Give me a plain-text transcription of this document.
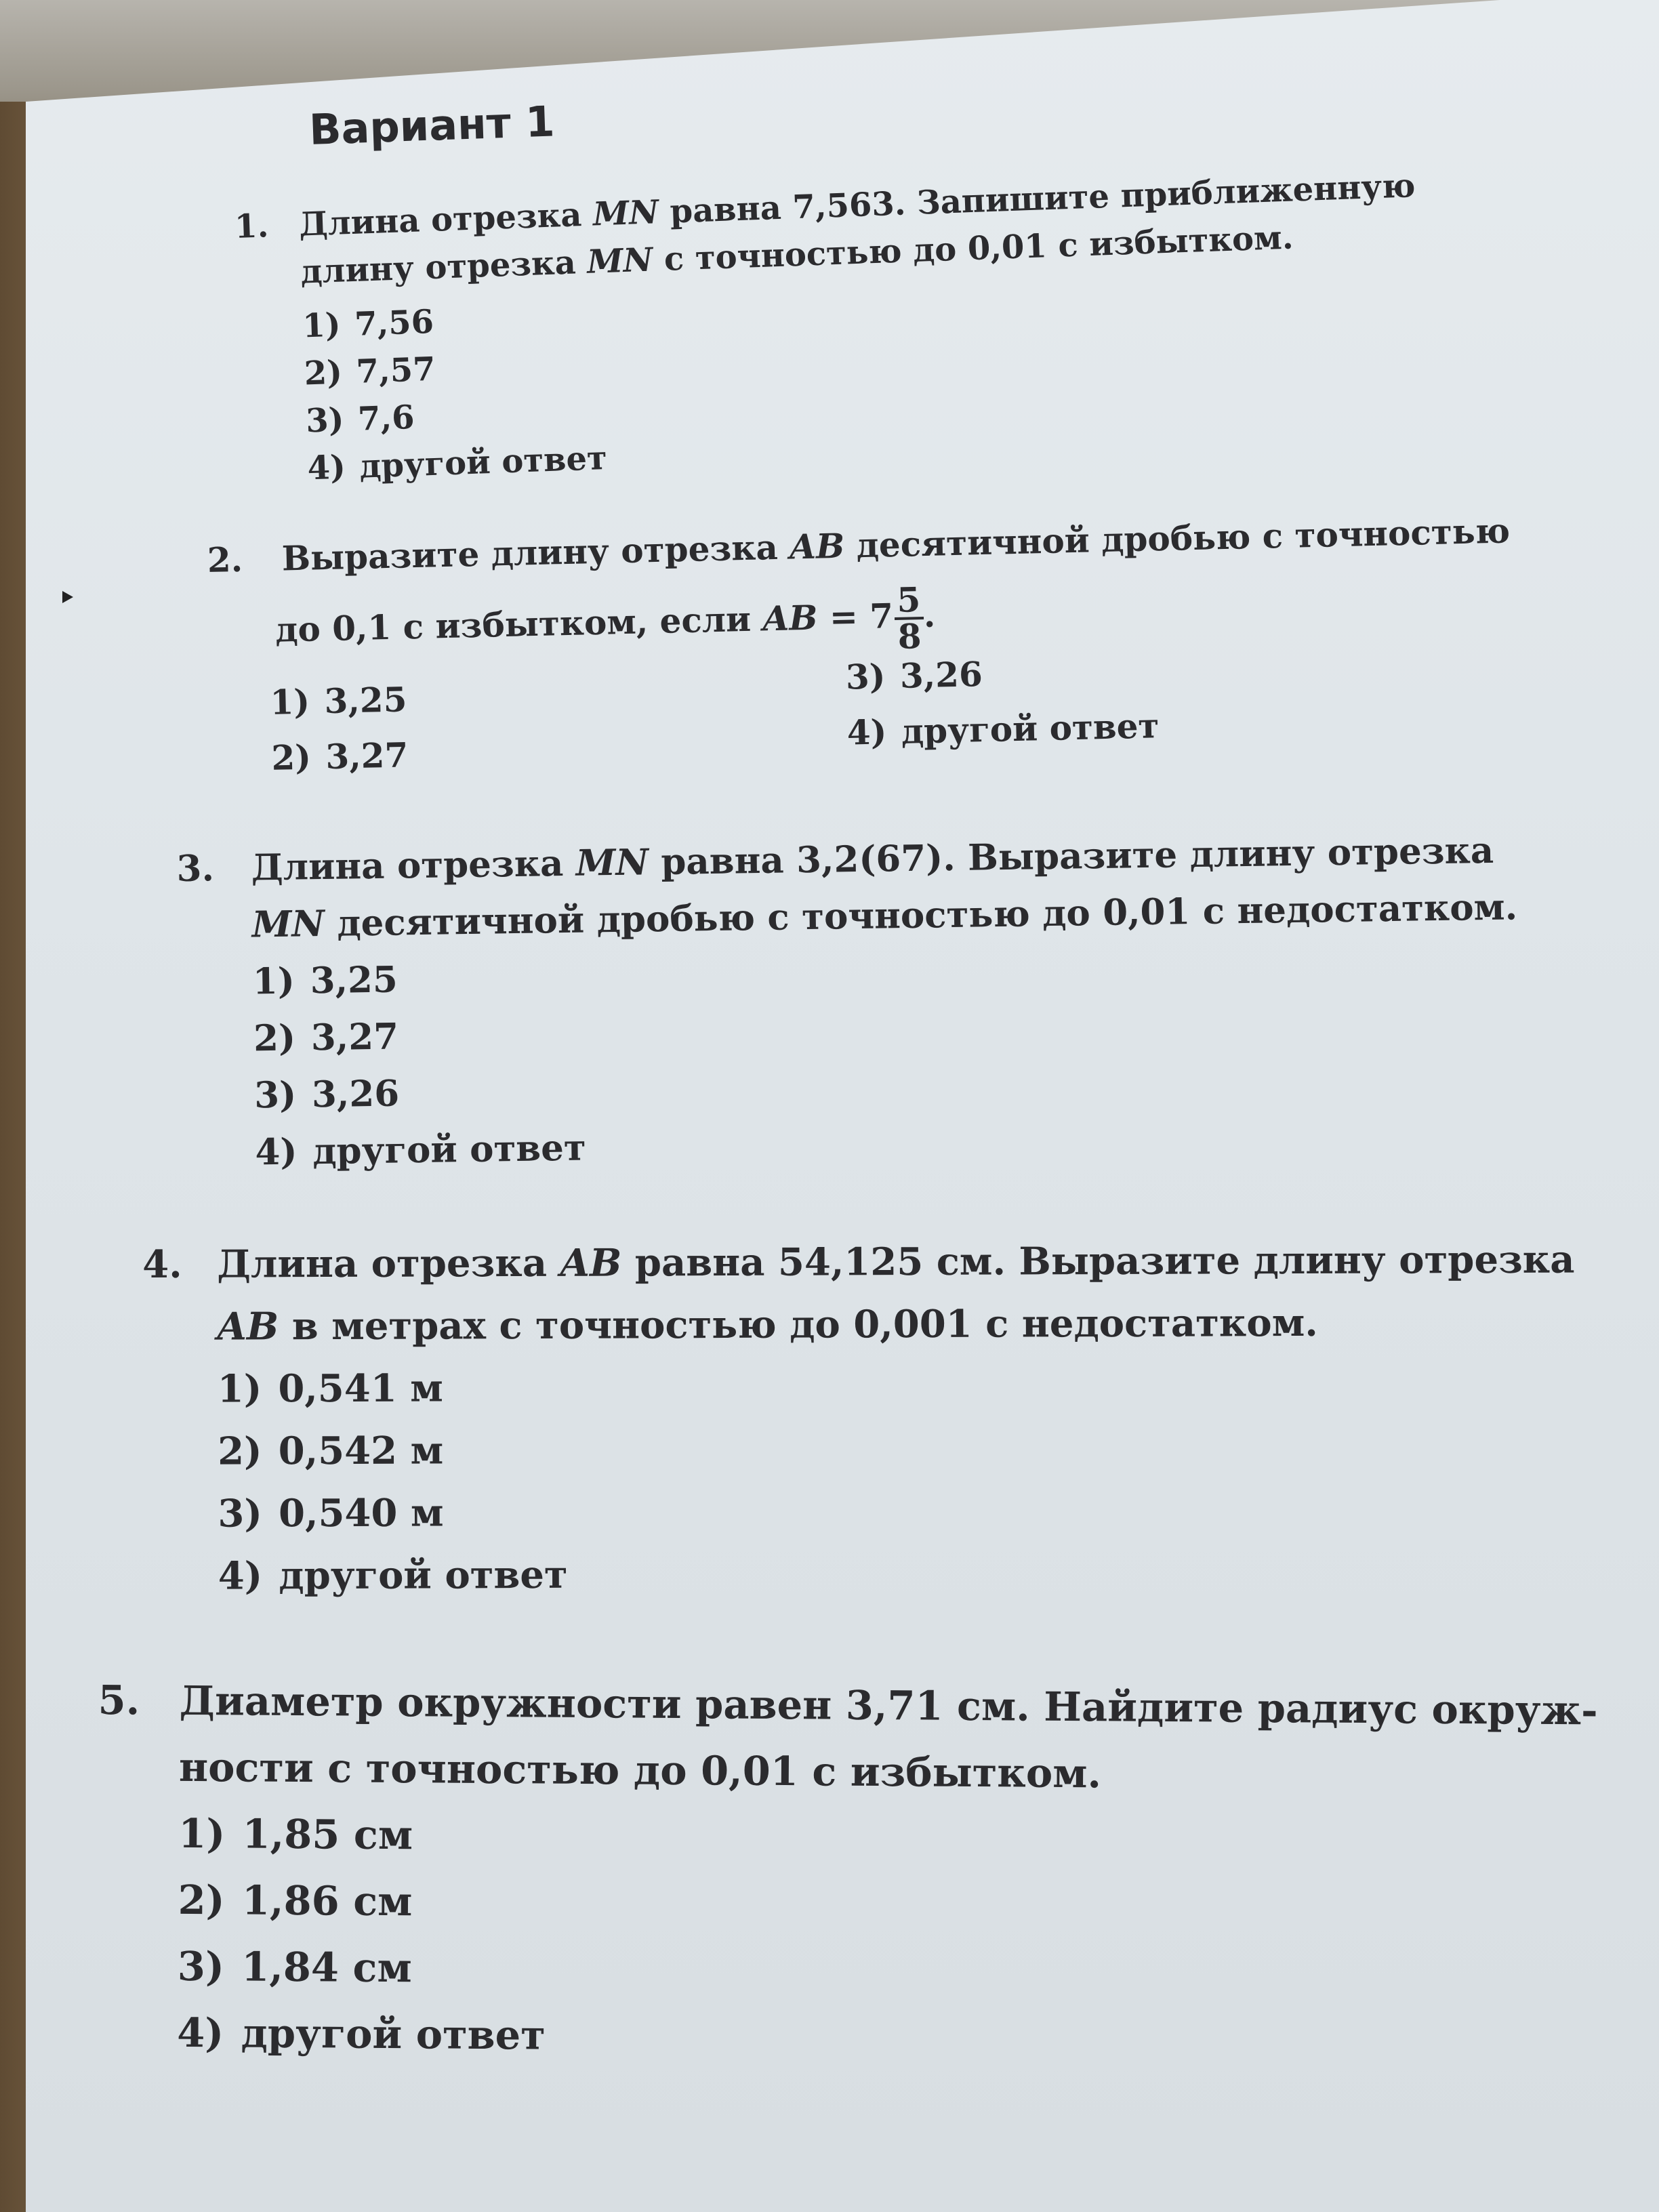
Вариант 1
1. Длина отрезка MN равна 7,563. Запишите приближенную
длину отрезка MN с точностью до 0,01 с избытком.
1) 7,56
2) 7,57
3) 7,6
4) другой ответ
2. Выразите длину отрезка AB десятичной дробью с точностью
до 0,1 с избытком, если AB = $7 \frac{5}{8}$
.
1) 3,25
2) 3,27
3) 3,26
4) другой ответ
3. Длина отрезка MN равна 3,2(67). Выразите длину отрезка
MN десятичной дробью с точностью до 0,01 с недостатком.
1) 3,25
2) 3,27
3) 3,26
4) другой ответ
4. Длина отрезка AB равна 54,125 см. Выразите длину отрезка
AB в метрах с точностью до 0,001 с недостатком.
1) 0,541 м
2) 0,542 м
3) 0,540 м
4) другой ответ
5. Диаметр окружности равен 3,71 см. Найдите радиус окруж-
ности с точностью до 0,01 с избытком.
1) 1,85 см
2) 1,86 см
3) 1,84 см
4) другой ответ
